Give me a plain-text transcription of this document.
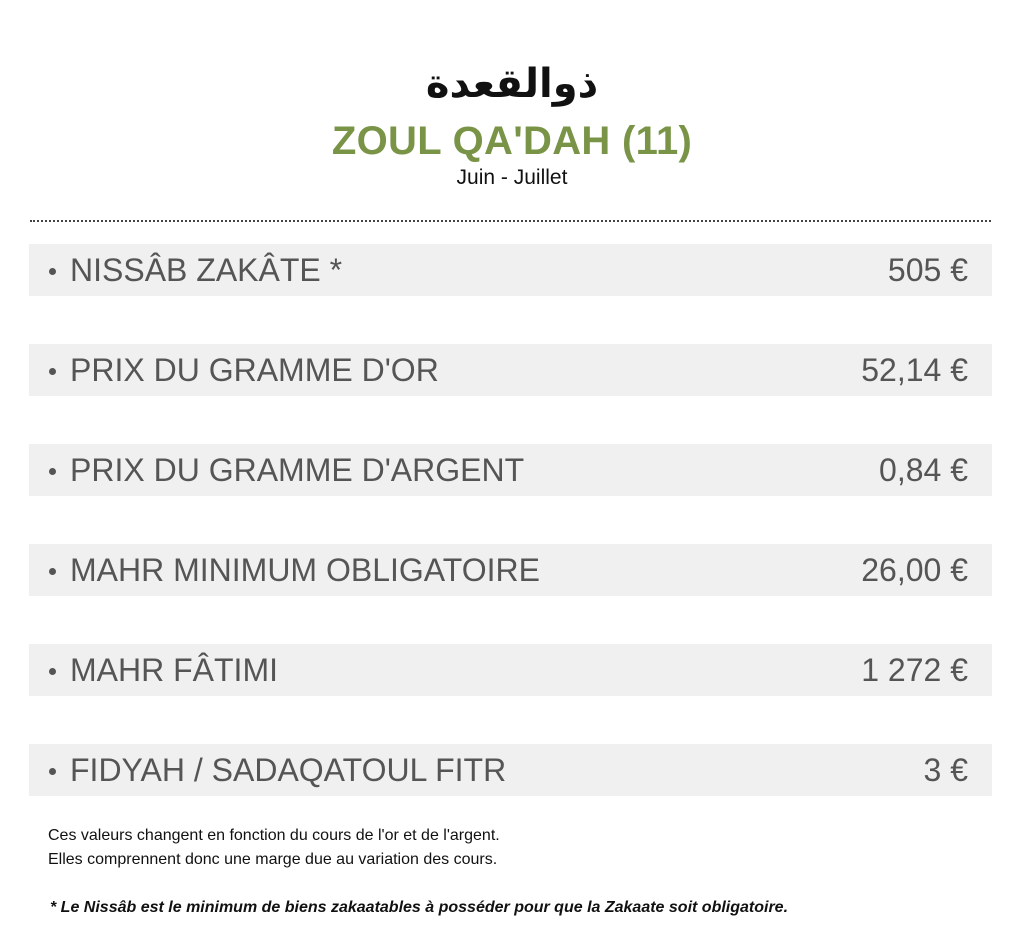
ذوالقعدة
ZOUL QA'DAH (11)
Juin - Juillet
NISSÂB ZAKÂTE *	505 €
PRIX DU GRAMME D'OR	52,14 €
PRIX DU GRAMME D'ARGENT	0,84 €
MAHR MINIMUM OBLIGATOIRE	26,00 €
MAHR FÂTIMI	1 272 €
FIDYAH / SADAQATOUL FITR	3 €
Ces valeurs changent en fonction du cours de l'or et de l'argent.
Elles comprennent donc une marge due au variation des cours.
* Le Nissâb est le minimum de biens zakaatables à posséder pour que la Zakaate soit obligatoire.
